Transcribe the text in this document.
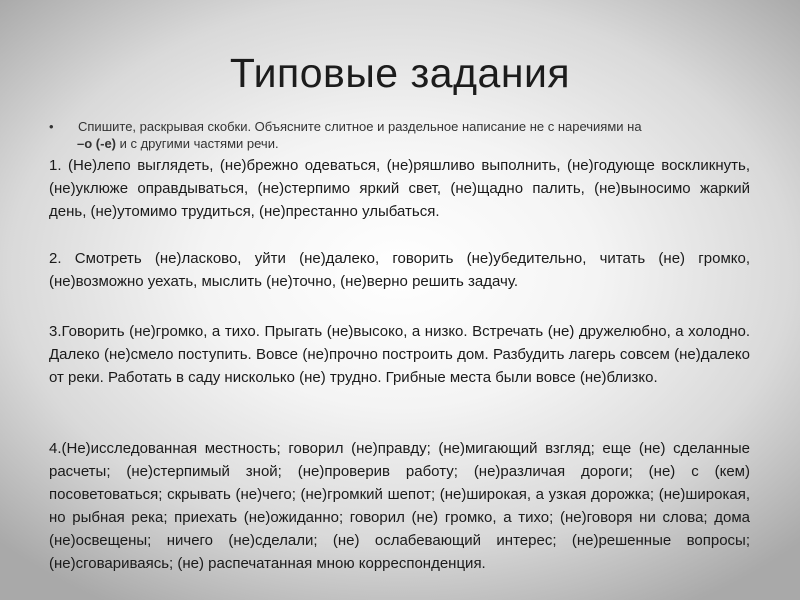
Типовые задания
• Спишите, раскрывая скобки. Объясните слитное и раздельное написание не с наречиями на
–о (-е) и с другими частями речи.
1. (Не)лепо выглядеть, (не)брежно одеваться, (не)ряшливо выполнить, (не)годующе воскликнуть, (не)уклюже оправдываться, (не)стерпимо яркий свет, (не)щадно палить, (не)выносимо жаркий день, (не)утомимо трудиться, (не)престанно улыбаться.
2. Смотреть (не)ласково, уйти (не)далеко, говорить (не)убедительно, читать (не) громко, (не)возможно уехать, мыслить (не)точно, (не)верно решить задачу.
3.Говорить (не)громко, а тихо. Прыгать (не)высоко, а низко. Встречать (не) дружелюбно, а холодно. Далеко (не)смело поступить. Вовсе (не)прочно построить дом. Разбудить лагерь совсем (не)далеко от реки. Работать в саду нисколько (не) трудно. Грибные места были вовсе (не)близко.
4.(Не)исследованная местность; говорил (не)правду; (не)мигающий взгляд; еще (не) сделанные расчеты; (не)стерпимый зной; (не)проверив работу; (не)различая дороги; (не) с (кем) посоветоваться; скрывать (не)чего; (не)громкий шепот; (не)широкая, а узкая дорожка; (не)широкая, но рыбная река; приехать (не)ожиданно; говорил (не) громко, а тихо; (не)говоря ни слова; дома (не)освещены; ничего (не)сделали; (не) ослабевающий интерес; (не)решенные вопросы; (не)сговариваясь; (не) распечатанная мною корреспонденция.
